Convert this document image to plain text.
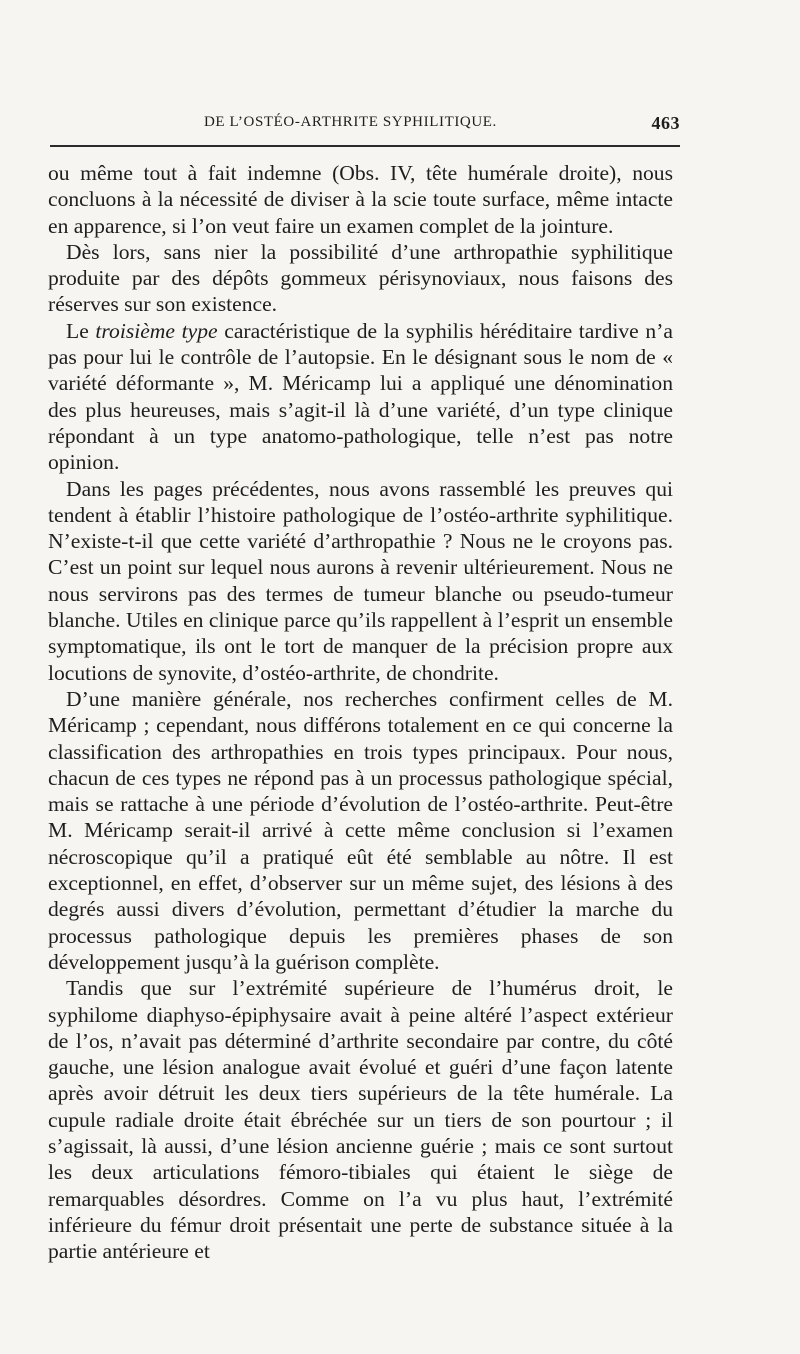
DE L’OSTÉO-ARTHRITE SYPHILITIQUE.	463

ou même tout à fait indemne (Obs. IV, tête humérale droite), nous concluons à la nécessité de diviser à la scie toute surface, même intacte en apparence, si l’on veut faire un examen complet de la jointure.

Dès lors, sans nier la possibilité d’une arthropathie syphilitique produite par des dépôts gommeux périsynoviaux, nous faisons des réserves sur son existence.

Le troisième type caractéristique de la syphilis héréditaire tardive n’a pas pour lui le contrôle de l’autopsie. En le désignant sous le nom de « variété déformante », M. Méricamp lui a appliqué une dénomination des plus heureuses, mais s’agit-il là d’une variété, d’un type clinique répondant à un type anatomo-pathologique, telle n’est pas notre opinion.

Dans les pages précédentes, nous avons rassemblé les preuves qui tendent à établir l’histoire pathologique de l’ostéo-arthrite syphilitique. N’existe-t-il que cette variété d’arthropathie ? Nous ne le croyons pas. C’est un point sur lequel nous aurons à revenir ultérieurement. Nous ne nous servirons pas des termes de tumeur blanche ou pseudo-tumeur blanche. Utiles en clinique parce qu’ils rappellent à l’esprit un ensemble symptomatique, ils ont le tort de manquer de la précision propre aux locutions de synovite, d’ostéo-arthrite, de chondrite.

D’une manière générale, nos recherches confirment celles de M. Méricamp ; cependant, nous différons totalement en ce qui concerne la classification des arthropathies en trois types principaux. Pour nous, chacun de ces types ne répond pas à un processus pathologique spécial, mais se rattache à une période d’évolution de l’ostéo-arthrite. Peut-être M. Méricamp serait-il arrivé à cette même conclusion si l’examen nécroscopique qu’il a pratiqué eût été semblable au nôtre. Il est exceptionnel, en effet, d’observer sur un même sujet, des lésions à des degrés aussi divers d’évolution, permettant d’étudier la marche du processus pathologique depuis les premières phases de son développement jusqu’à la guérison complète.

Tandis que sur l’extrémité supérieure de l’humérus droit, le syphilome diaphyso-épiphysaire avait à peine altéré l’aspect extérieur de l’os, n’avait pas déterminé d’arthrite secondaire par contre, du côté gauche, une lésion analogue avait évolué et guéri d’une façon latente après avoir détruit les deux tiers supérieurs de la tête humérale. La cupule radiale droite était ébréchée sur un tiers de son pourtour ; il s’agissait, là aussi, d’une lésion ancienne guérie ; mais ce sont surtout les deux articulations fémoro-tibiales qui étaient le siège de remarquables désordres. Comme on l’a vu plus haut, l’extrémité inférieure du fémur droit présentait une perte de substance située à la partie antérieure et
